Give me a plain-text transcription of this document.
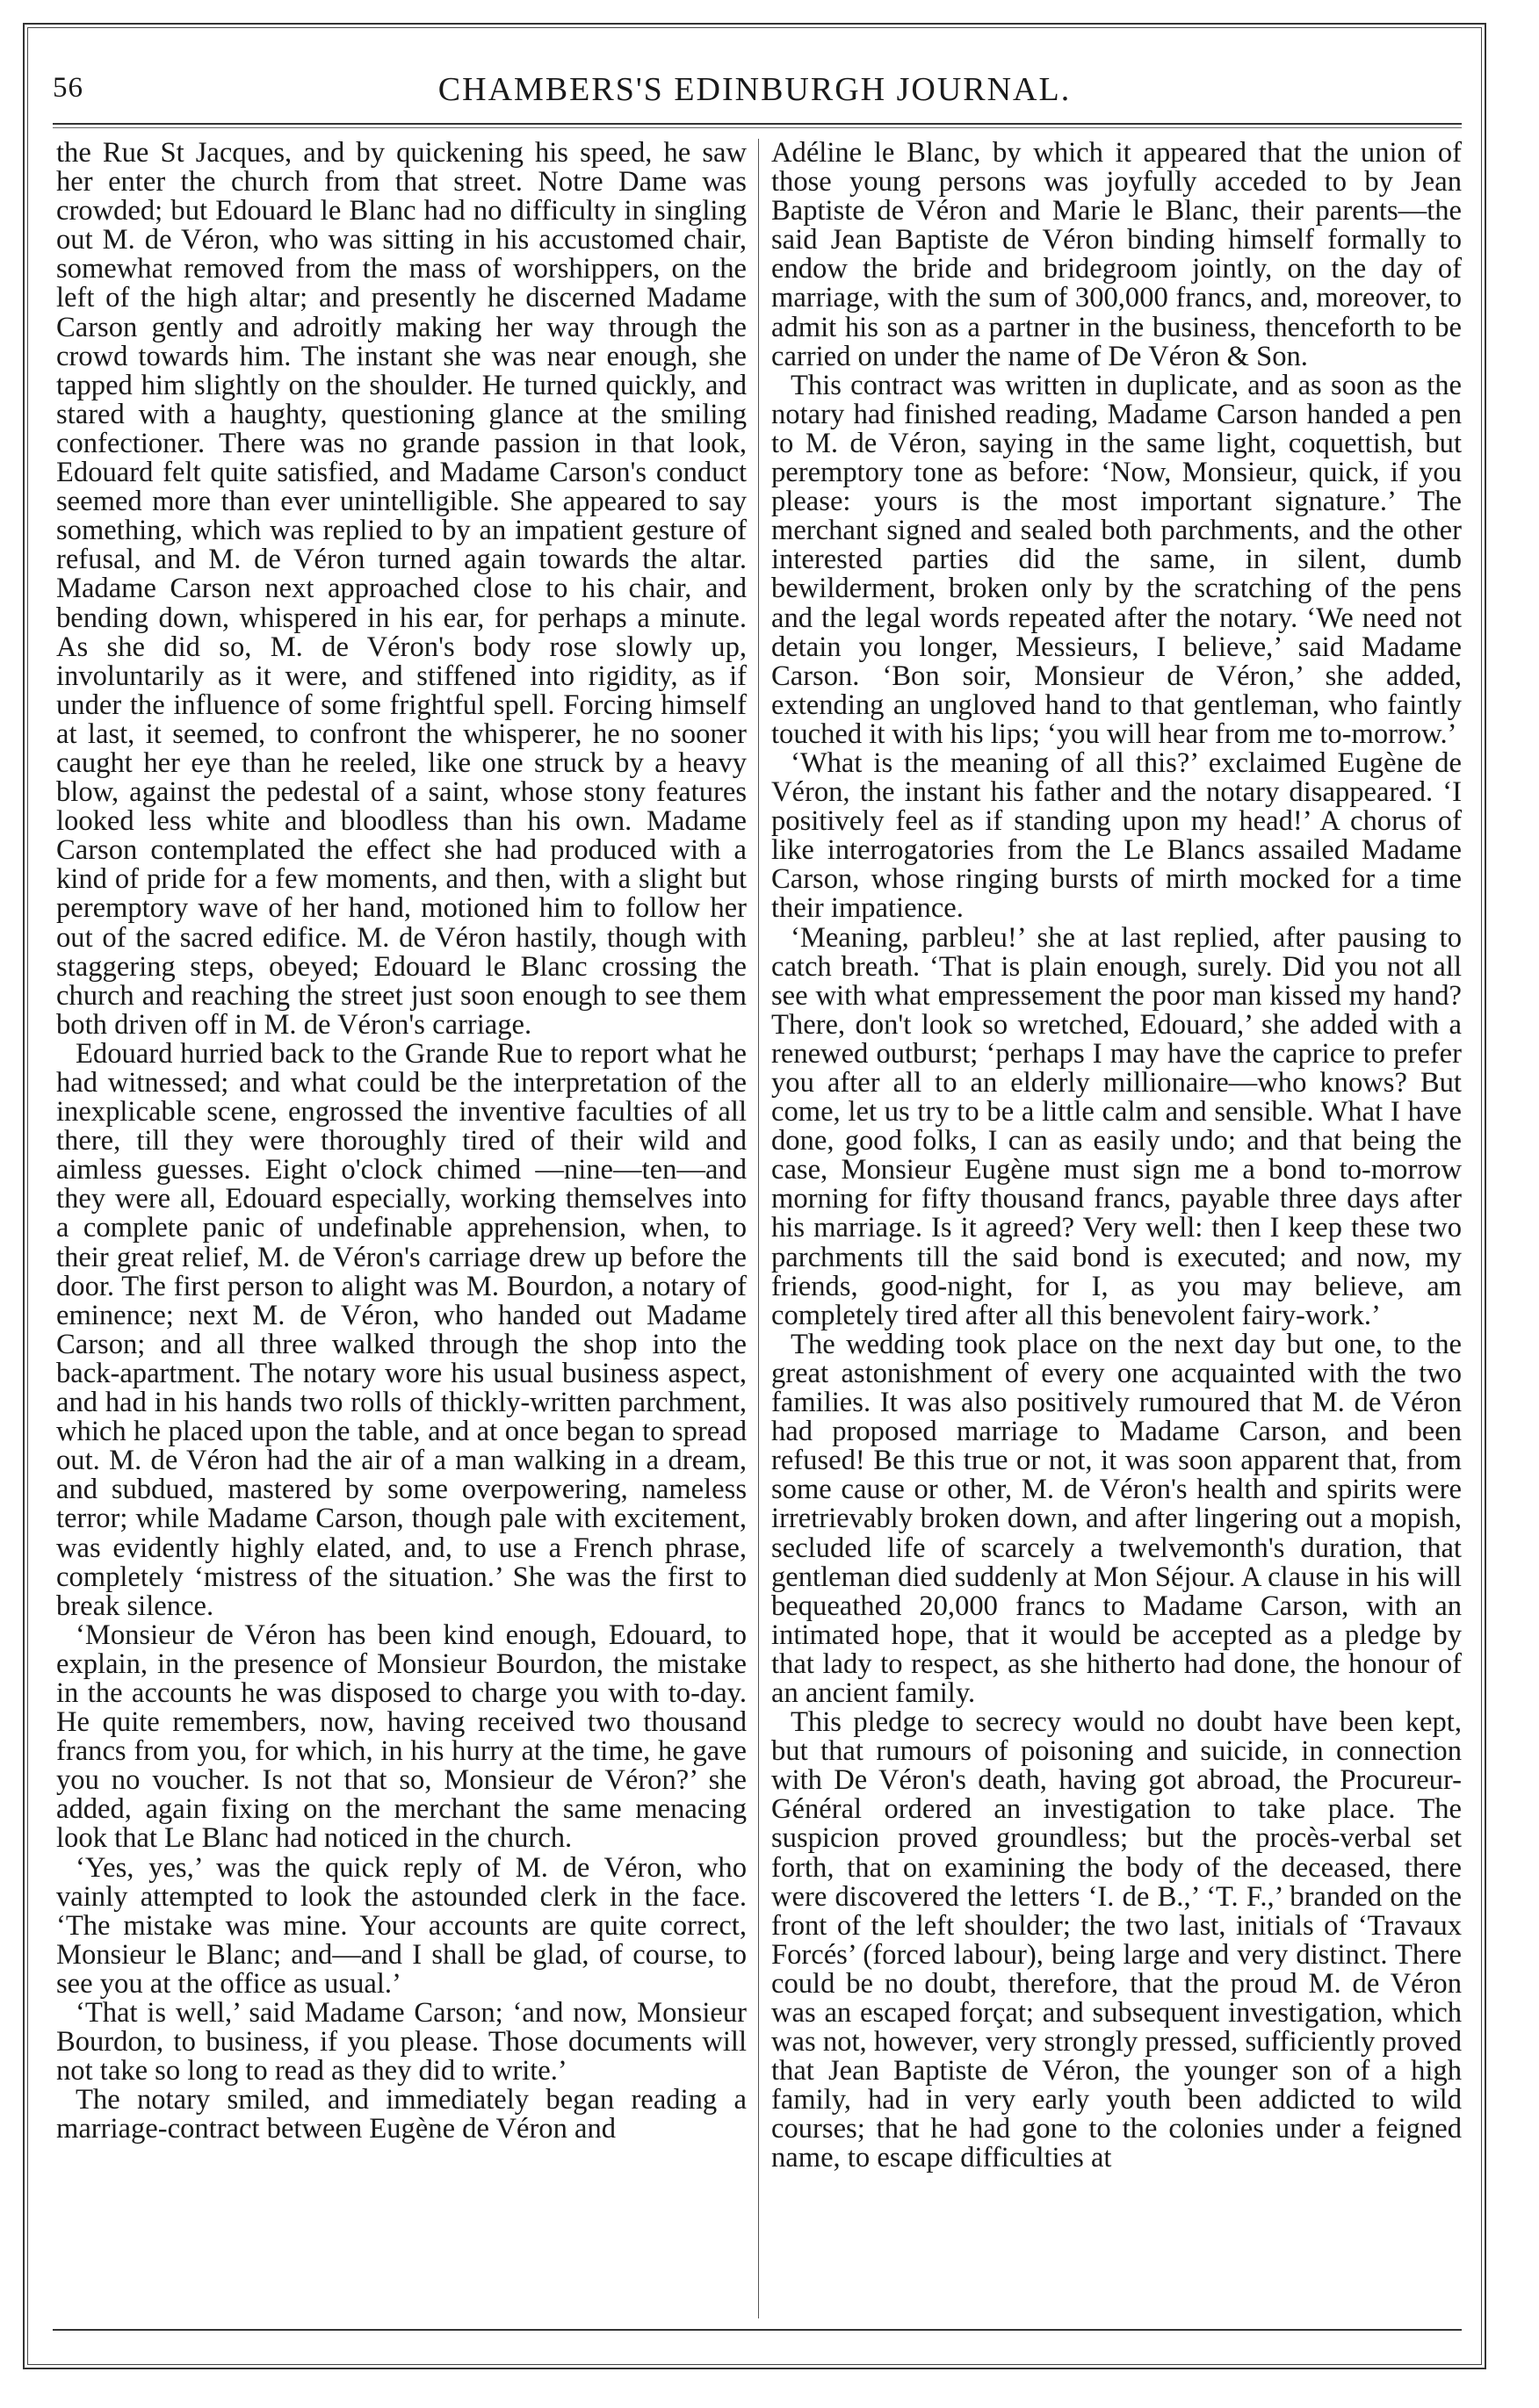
56	CHAMBERS'S EDINBURGH JOURNAL.

the Rue St Jacques, and by quickening his speed, he saw her enter the church from that street. Notre Dame was crowded; but Edouard le Blanc had no difficulty in singling out M. de Véron, who was sitting in his accustomed chair, somewhat removed from the mass of worshippers, on the left of the high altar; and presently he discerned Madame Carson gently and adroitly making her way through the crowd towards him. The instant she was near enough, she tapped him slightly on the shoulder. He turned quickly, and stared with a haughty, questioning glance at the smiling confectioner. There was no grande passion in that look, Edouard felt quite satisfied, and Madame Carson's conduct seemed more than ever unintelligible. She appeared to say something, which was replied to by an impatient gesture of refusal, and M. de Véron turned again towards the altar. Madame Carson next approached close to his chair, and bending down, whispered in his ear, for perhaps a minute. As she did so, M. de Véron's body rose slowly up, involuntarily as it were, and stiffened into rigidity, as if under the influence of some frightful spell. Forcing himself at last, it seemed, to confront the whisperer, he no sooner caught her eye than he reeled, like one struck by a heavy blow, against the pedestal of a saint, whose stony features looked less white and bloodless than his own. Madame Carson contemplated the effect she had produced with a kind of pride for a few moments, and then, with a slight but peremptory wave of her hand, motioned him to follow her out of the sacred edifice. M. de Véron hastily, though with staggering steps, obeyed; Edouard le Blanc crossing the church and reaching the street just soon enough to see them both driven off in M. de Véron's carriage.

Edouard hurried back to the Grande Rue to report what he had witnessed; and what could be the interpretation of the inexplicable scene, engrossed the inventive faculties of all there, till they were thoroughly tired of their wild and aimless guesses. Eight o'clock chimed —nine—ten—and they were all, Edouard especially, working themselves into a complete panic of undefinable apprehension, when, to their great relief, M. de Véron's carriage drew up before the door. The first person to alight was M. Bourdon, a notary of eminence; next M. de Véron, who handed out Madame Carson; and all three walked through the shop into the back-apartment. The notary wore his usual business aspect, and had in his hands two rolls of thickly-written parchment, which he placed upon the table, and at once began to spread out. M. de Véron had the air of a man walking in a dream, and subdued, mastered by some overpowering, nameless terror; while Madame Carson, though pale with excitement, was evidently highly elated, and, to use a French phrase, completely ‘mistress of the situation.’ She was the first to break silence.

‘Monsieur de Véron has been kind enough, Edouard, to explain, in the presence of Monsieur Bourdon, the mistake in the accounts he was disposed to charge you with to-day. He quite remembers, now, having received two thousand francs from you, for which, in his hurry at the time, he gave you no voucher. Is not that so, Monsieur de Véron?’ she added, again fixing on the merchant the same menacing look that Le Blanc had noticed in the church.

‘Yes, yes,’ was the quick reply of M. de Véron, who vainly attempted to look the astounded clerk in the face. ‘The mistake was mine. Your accounts are quite correct, Monsieur le Blanc; and—and I shall be glad, of course, to see you at the office as usual.’

‘That is well,’ said Madame Carson; ‘and now, Monsieur Bourdon, to business, if you please. Those documents will not take so long to read as they did to write.’

The notary smiled, and immediately began reading a marriage-contract between Eugène de Véron and

Adéline le Blanc, by which it appeared that the union of those young persons was joyfully acceded to by Jean Baptiste de Véron and Marie le Blanc, their parents—the said Jean Baptiste de Véron binding himself formally to endow the bride and bridegroom jointly, on the day of marriage, with the sum of 300,000 francs, and, moreover, to admit his son as a partner in the business, thenceforth to be carried on under the name of De Véron & Son.

This contract was written in duplicate, and as soon as the notary had finished reading, Madame Carson handed a pen to M. de Véron, saying in the same light, coquettish, but peremptory tone as before: ‘Now, Monsieur, quick, if you please: yours is the most important signature.’ The merchant signed and sealed both parchments, and the other interested parties did the same, in silent, dumb bewilderment, broken only by the scratching of the pens and the legal words repeated after the notary. ‘We need not detain you longer, Messieurs, I believe,’ said Madame Carson. ‘Bon soir, Monsieur de Véron,’ she added, extending an ungloved hand to that gentleman, who faintly touched it with his lips; ‘you will hear from me to-morrow.’

‘What is the meaning of all this?’ exclaimed Eugène de Véron, the instant his father and the notary disappeared. ‘I positively feel as if standing upon my head!’ A chorus of like interrogatories from the Le Blancs assailed Madame Carson, whose ringing bursts of mirth mocked for a time their impatience.

‘Meaning, parbleu!’ she at last replied, after pausing to catch breath. ‘That is plain enough, surely. Did you not all see with what empressement the poor man kissed my hand? There, don't look so wretched, Edouard,’ she added with a renewed outburst; ‘perhaps I may have the caprice to prefer you after all to an elderly millionaire—who knows? But come, let us try to be a little calm and sensible. What I have done, good folks, I can as easily undo; and that being the case, Monsieur Eugène must sign me a bond to-morrow morning for fifty thousand francs, payable three days after his marriage. Is it agreed? Very well: then I keep these two parchments till the said bond is executed; and now, my friends, good-night, for I, as you may believe, am completely tired after all this benevolent fairy-work.’

The wedding took place on the next day but one, to the great astonishment of every one acquainted with the two families. It was also positively rumoured that M. de Véron had proposed marriage to Madame Carson, and been refused! Be this true or not, it was soon apparent that, from some cause or other, M. de Véron's health and spirits were irretrievably broken down, and after lingering out a mopish, secluded life of scarcely a twelvemonth's duration, that gentleman died suddenly at Mon Séjour. A clause in his will bequeathed 20,000 francs to Madame Carson, with an intimated hope, that it would be accepted as a pledge by that lady to respect, as she hitherto had done, the honour of an ancient family.

This pledge to secrecy would no doubt have been kept, but that rumours of poisoning and suicide, in connection with De Véron's death, having got abroad, the Procureur-Général ordered an investigation to take place. The suspicion proved groundless; but the procès-verbal set forth, that on examining the body of the deceased, there were discovered the letters ‘I. de B.,’ ‘T. F.,’ branded on the front of the left shoulder; the two last, initials of ‘Travaux Forcés’ (forced labour), being large and very distinct. There could be no doubt, therefore, that the proud M. de Véron was an escaped forçat; and subsequent investigation, which was not, however, very strongly pressed, sufficiently proved that Jean Baptiste de Véron, the younger son of a high family, had in very early youth been addicted to wild courses; that he had gone to the colonies under a feigned name, to escape difficulties at
